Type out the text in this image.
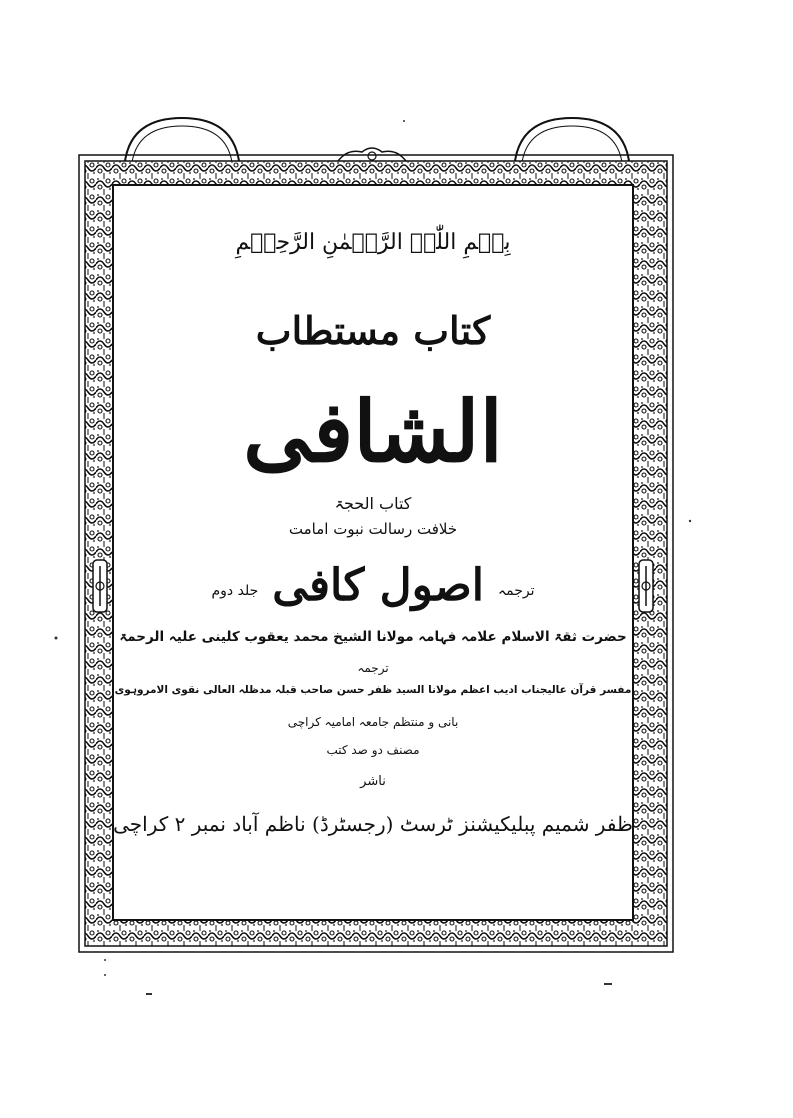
بِسۡمِ اللّٰہِ الرَّحۡمٰنِ الرَّحِیۡمِ
کتاب مستطاب
الشافی
کتاب الحجۃ
خلافت رسالت نبوت امامت
ترجمہ
اصول کافی
جلد دوم
حضرت ثقۃ الاسلام علامہ فہامہ مولانا الشیخ محمد یعقوب کلینی علیہ الرحمۃ
ترجمہ
مفسر قرآن عالیجناب ادیب اعظم مولانا السید ظفر حسن صاحب قبلہ مدظلہ العالی نقوی الامروہوی
بانی و منتظم جامعہ امامیہ کراچی
مصنف دو صد کتب
ناشر
ظفر شمیم پبلیکیشنز ٹرسٹ (رجسٹرڈ) ناظم آباد نمبر ۲ کراچی
